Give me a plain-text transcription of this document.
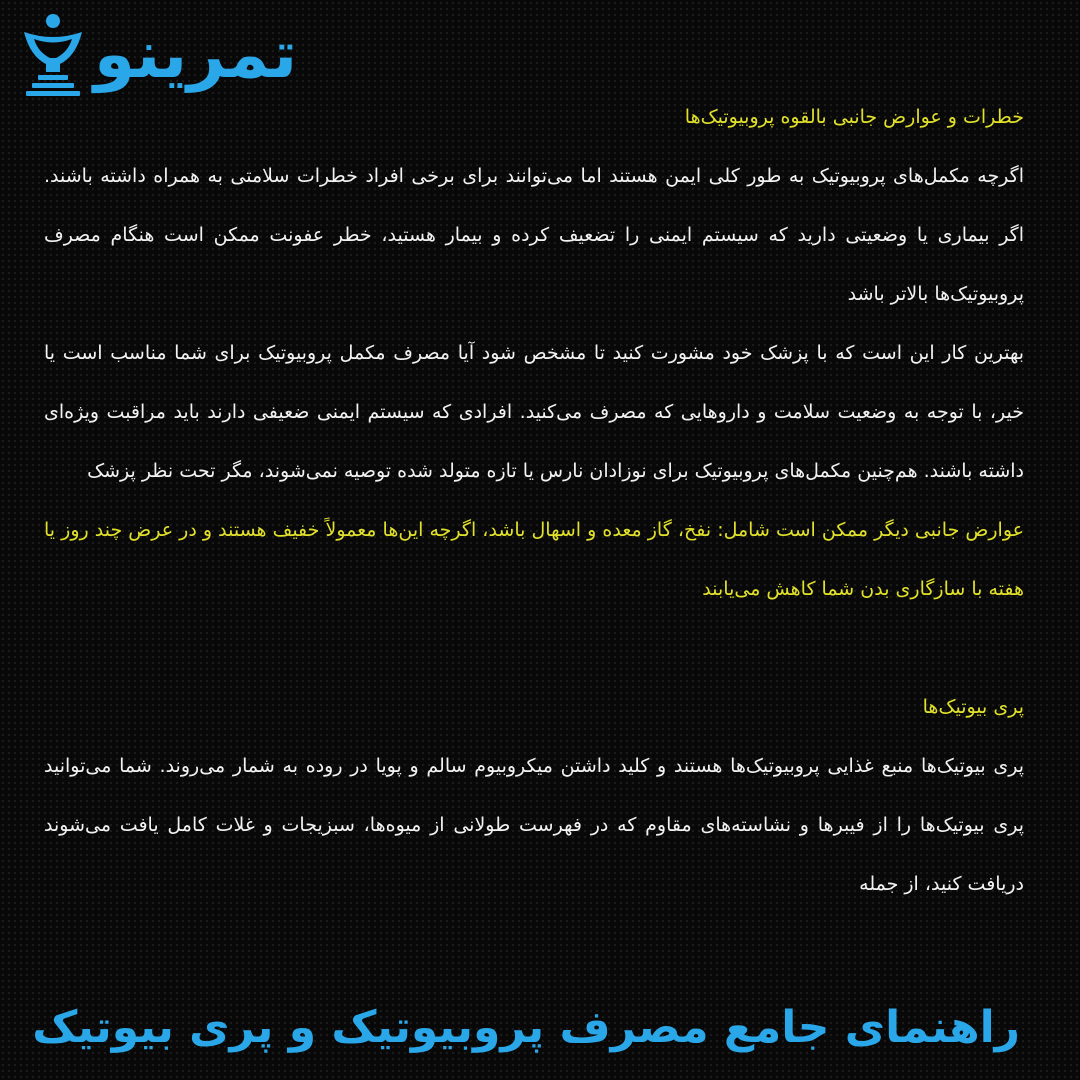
تمرینو

خطرات و عوارض جانبی بالقوه پروبیوتیک‌ها

اگرچه مکمل‌های پروبیوتیک به طور کلی ایمن هستند اما می‌توانند برای برخی افراد خطرات سلامتی به همراه داشته باشند. اگر بیماری یا وضعیتی دارید که سیستم ایمنی را تضعیف کرده و بیمار هستید، خطر عفونت ممکن است هنگام مصرف پروبیوتیک‌ها بالاتر باشد

بهترین کار این است که با پزشک خود مشورت کنید تا مشخص شود آیا مصرف مکمل پروبیوتیک برای شما مناسب است یا خیر، با توجه به وضعیت سلامت و داروهایی که مصرف می‌کنید. افرادی که سیستم ایمنی ضعیفی دارند باید مراقبت ویژه‌ای داشته باشند. هم‌چنین مکمل‌های پروبیوتیک برای نوزادان نارس یا تازه متولد شده توصیه نمی‌شوند، مگر تحت نظر پزشک

عوارض جانبی دیگر ممکن است شامل: نفخ، گاز معده و اسهال باشد، اگرچه این‌ها معمولاً خفیف هستند و در عرض چند روز یا هفته با سازگاری بدن شما کاهش می‌یابند

پری بیوتیک‌ها

پری بیوتیک‌ها منبع غذایی پروبیوتیک‌ها هستند و کلید داشتن میکروبیوم سالم و پویا در روده به شمار می‌روند. شما می‌توانید پری بیوتیک‌ها را از فیبرها و نشاسته‌های مقاوم که در فهرست طولانی از میوه‌ها، سبزیجات و غلات کامل یافت می‌شوند دریافت کنید، از جمله

راهنمای جامع مصرف پروبیوتیک و پری بیوتیک
